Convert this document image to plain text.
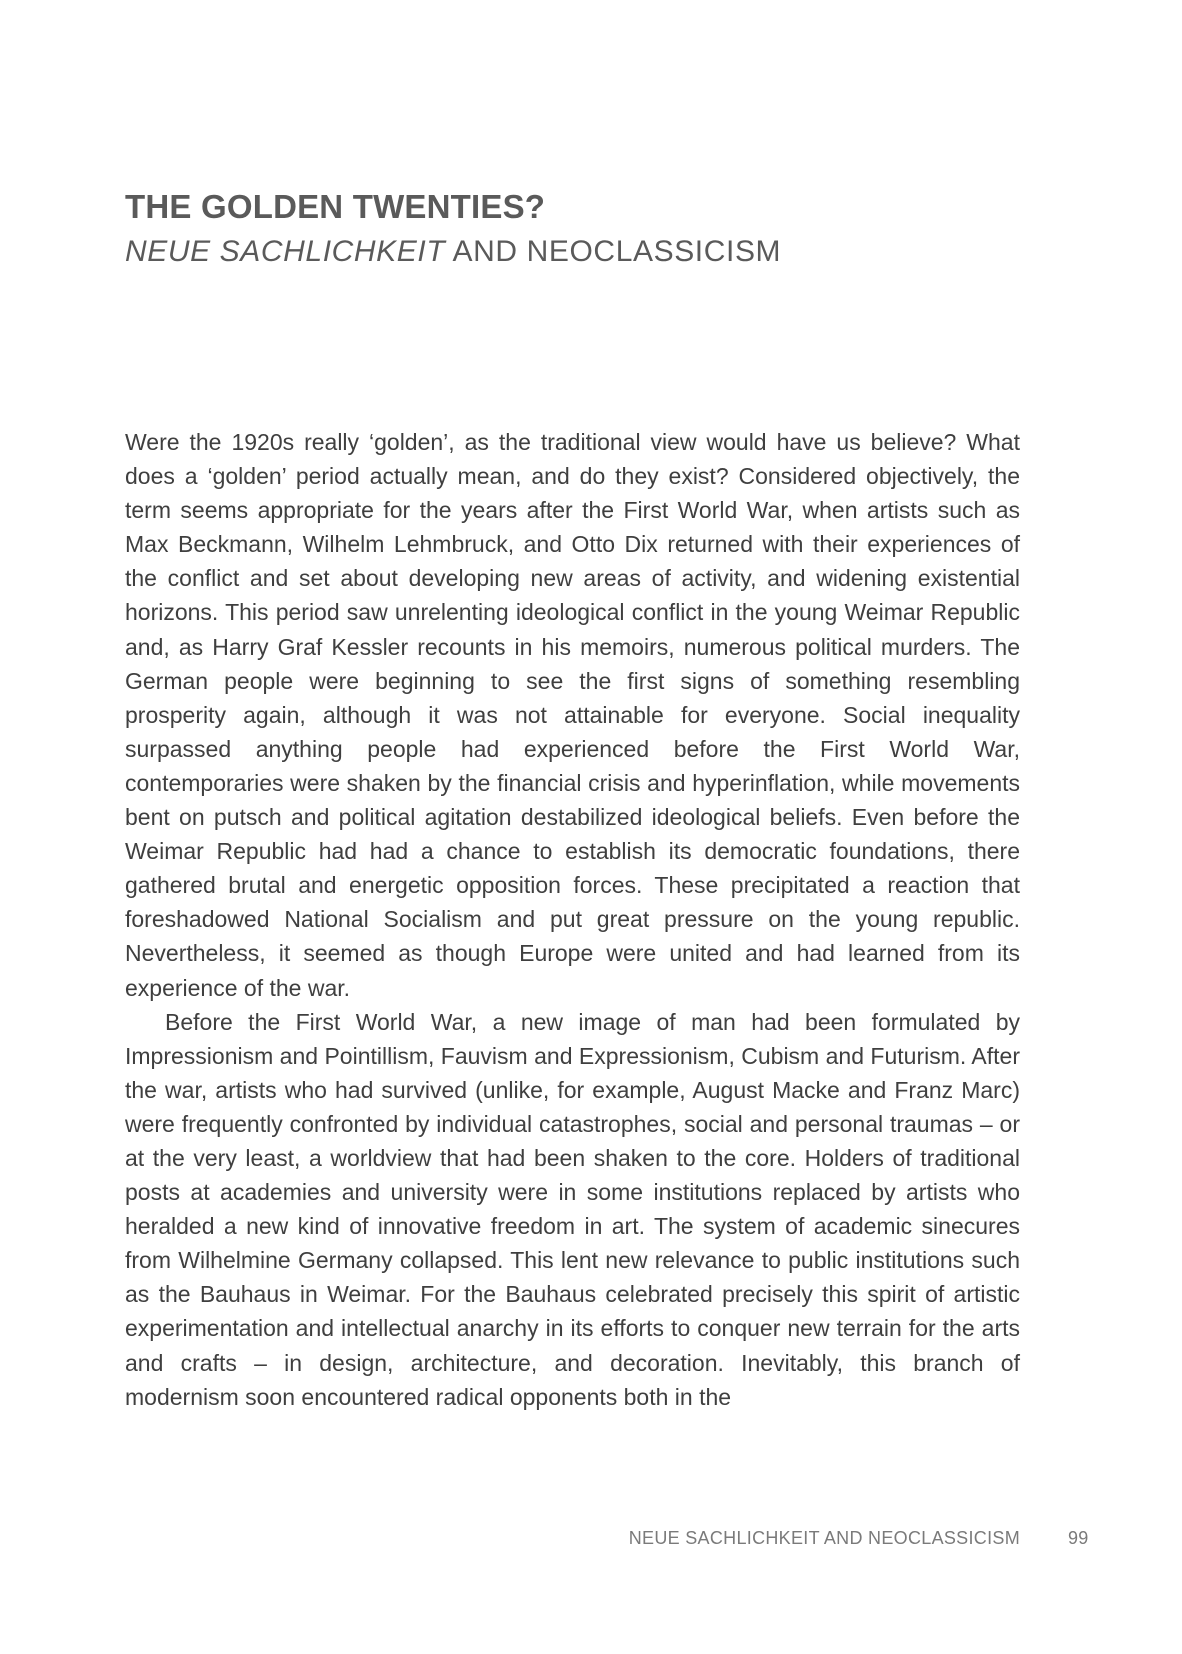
THE GOLDEN TWENTIES?
NEUE SACHLICHKEIT AND NEOCLASSICISM

Were the 1920s really ‘golden’, as the traditional view would have us believe? What does a ‘golden’ period actually mean, and do they exist? Considered objectively, the term seems appropriate for the years after the First World War, when artists such as Max Beckmann, Wilhelm Lehmbruck, and Otto Dix returned with their experiences of the conflict and set about developing new areas of activity, and widening existential horizons. This period saw unrelenting ideological conflict in the young Weimar Republic and, as Harry Graf Kessler recounts in his memoirs, numerous political murders. The German people were beginning to see the first signs of something resembling prosperity again, although it was not attainable for everyone. Social inequality surpassed anything people had experienced before the First World War, contemporaries were shaken by the financial crisis and hyperinflation, while movements bent on putsch and political agitation destabilized ideological beliefs. Even before the Weimar Republic had had a chance to establish its democratic foundations, there gathered brutal and energetic opposition forces. These precipitated a reaction that foreshadowed National Socialism and put great pressure on the young republic. Nevertheless, it seemed as though Europe were united and had learned from its experience of the war.

Before the First World War, a new image of man had been formulated by Impressionism and Pointillism, Fauvism and Expressionism, Cubism and Futurism. After the war, artists who had survived (unlike, for example, August Macke and Franz Marc) were frequently confronted by individual catastrophes, social and personal traumas – or at the very least, a worldview that had been shaken to the core. Holders of traditional posts at academies and university were in some institutions replaced by artists who heralded a new kind of innovative freedom in art. The system of academic sinecures from Wilhelmine Germany collapsed. This lent new relevance to public institutions such as the Bauhaus in Weimar. For the Bauhaus celebrated precisely this spirit of artistic experimentation and intellectual anarchy in its efforts to conquer new terrain for the arts and crafts – in design, architecture, and decoration. Inevitably, this branch of modernism soon encountered radical opponents both in the

NEUE SACHLICHKEIT AND NEOCLASSICISM	99
